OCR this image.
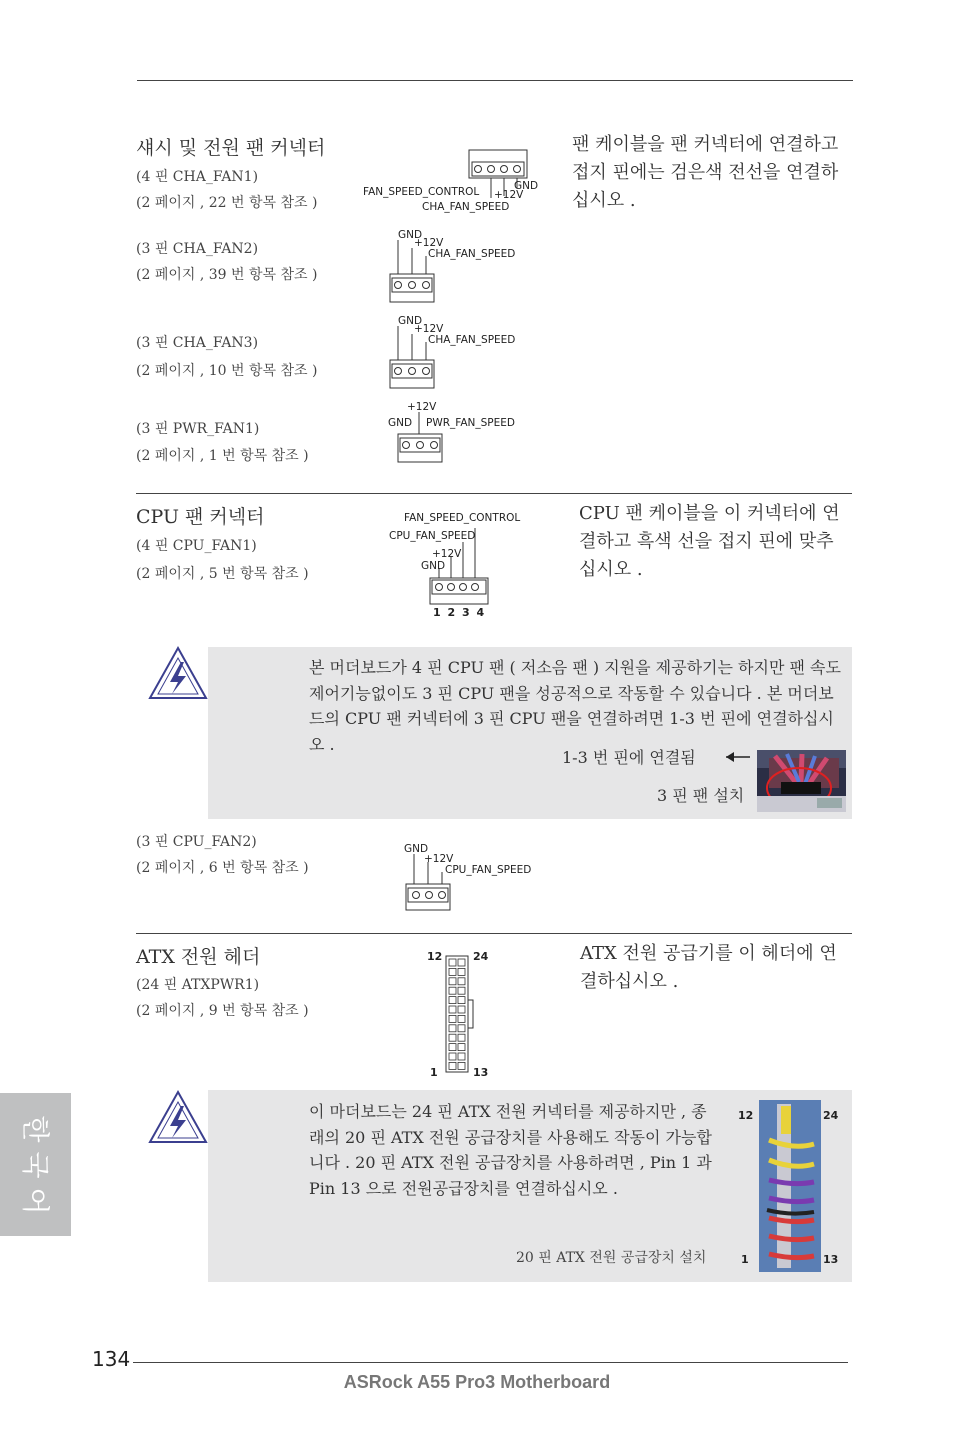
섀시 및 전원 팬 커넥터	팬 케이블을 팬 커넥터에 연결하고 접지 핀에는 검은색 전선을 연결하십시오 .
(4 핀 CHA_FAN1)
(2 페이지 , 22 번 항목 참조 )
FAN_SPEED_CONTROL +12V
GND
CHA_FAN_SPEED
(3 핀 CHA_FAN2)
(2 페이지 , 39 번 항목 참조 )
GND
+12V
CHA_FAN_SPEED
(3 핀 CHA_FAN3)
(2 페이지 , 10 번 항목 참조 )
GND
+12V
CHA_FAN_SPEED
(3 핀 PWR_FAN1)
(2 페이지 , 1 번 항목 참조 )
+12V
GND PWR_FAN_SPEED
CPU 팬 커넥터	CPU 팬 케이블을 이 커넥터에 연결하고 흑색 선을 접지 핀에 맞추십시오 .
(4 핀 CPU_FAN1)
(2 페이지 , 5 번 항목 참조 )
FAN_SPEED_CONTROL
CPU_FAN_SPEED
+12V
GND
1 2 3 4
본 머더보드가 4 핀 CPU 팬 ( 저소음 팬 ) 지원을 제공하기는 하지만 팬 속도 제어기능없이도 3 핀 CPU 팬을 성공적으로 작동할 수 있습니다 . 본 머더보드의 CPU 팬 커넥터에 3 핀 CPU 팬을 연결하려면 1-3 번 핀에 연결하십시오 .
1-3 번 핀에 연결됨
3 핀 팬 설치
(3 핀 CPU_FAN2)
(2 페이지 , 6 번 항목 참조 )
GND
+12V
CPU_FAN_SPEED
ATX 전원 헤더	ATX 전원 공급기를 이 헤더에 연결하십시오 .
(24 핀 ATXPWR1)
(2 페이지 , 9 번 항목 참조 )
12	24
1	13
이 마더보드는 24 핀 ATX 전원 커넥터를 제공하지만 , 종래의 20 핀 ATX 전원 공급장치를 사용해도 작동이 가능합니다 . 20 핀 ATX 전원 공급장치를 사용하려면 , Pin 1 과 Pin 13 으로 전원공급장치를 연결하십시오 .
20 핀 ATX 전원 공급장치 설치
12	24
1	13
한
국
어
134
ASRock A55 Pro3 Motherboard
